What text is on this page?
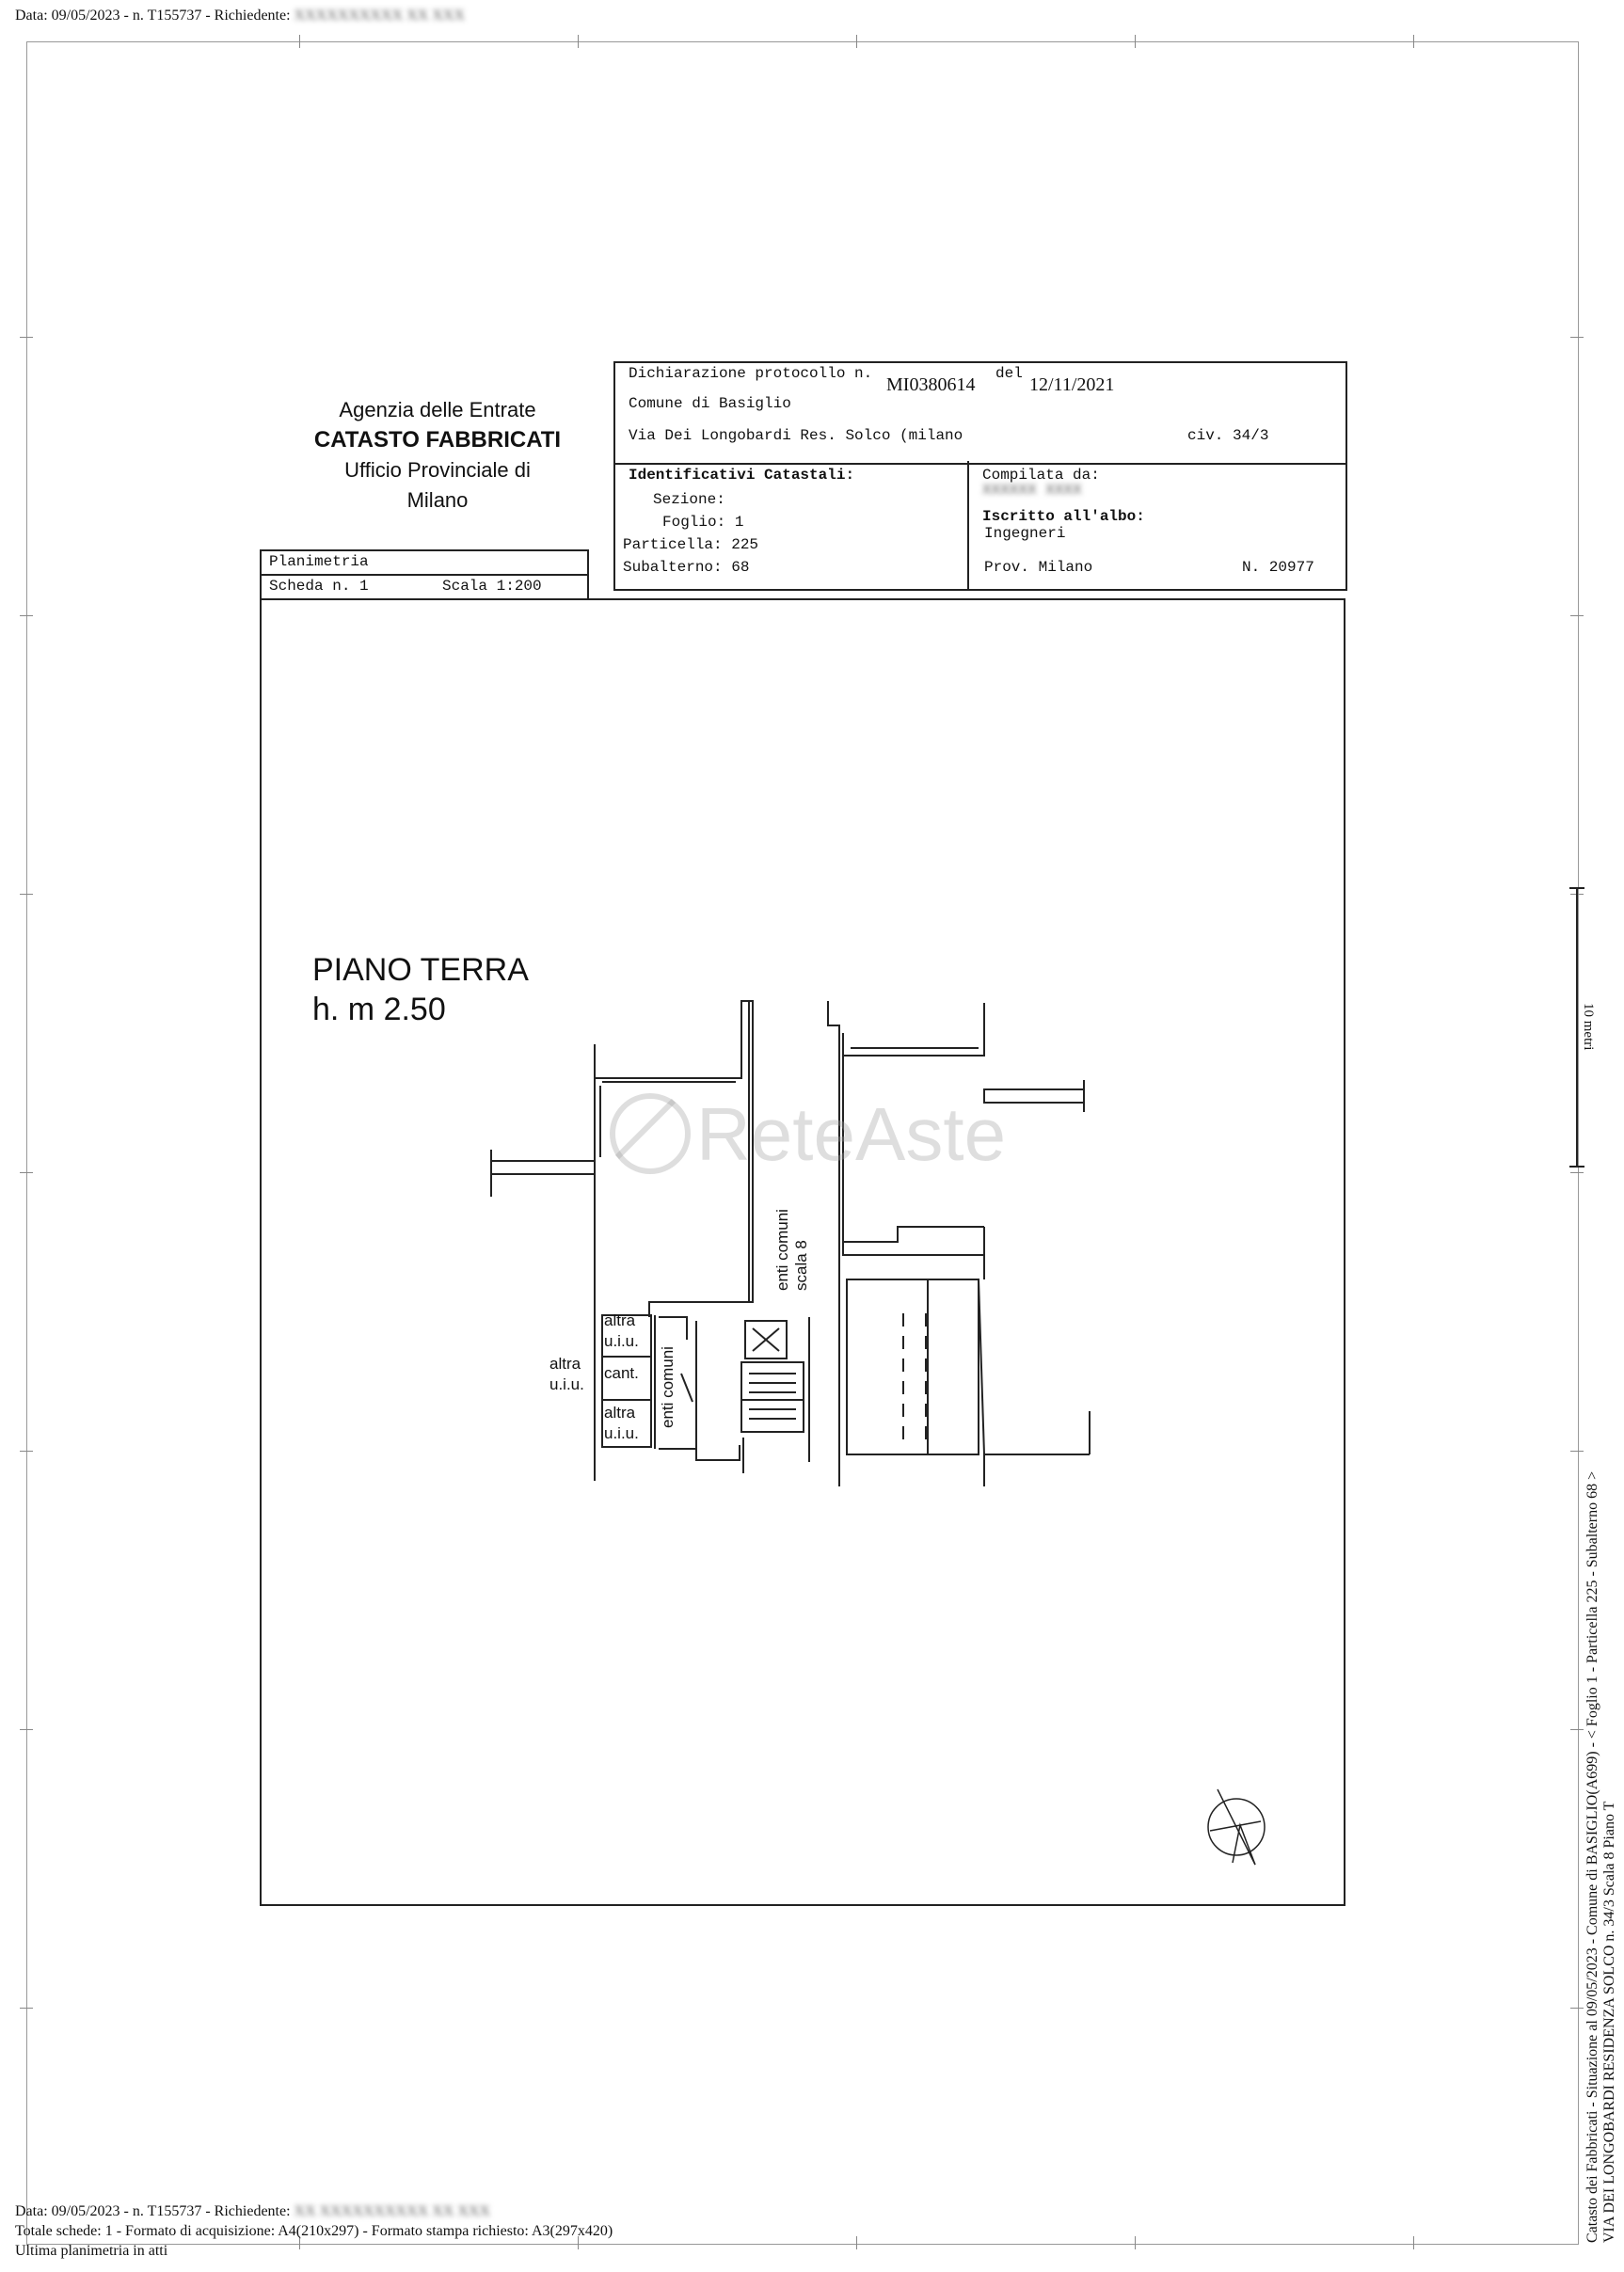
Data: 09/05/2023 - n. T155737 - Richiedente: XXXXXXXXXX XX XXX
Agenzia delle Entrate
CATASTO FABBRICATI
Ufficio Provinciale di
Milano
Dichiarazione protocollo n.
MI0380614
del
12/11/2021
Comune di Basiglio
Via Dei Longobardi Res. Solco (milano	civ. 34/3
Identificativi Catastali:
Sezione:
Foglio: 1
Particella: 225
Subalterno: 68
Compilata da:
XXXXXX XXXX
Iscritto all'albo:
Ingegneri
Prov. Milano	N. 20977
Planimetria
Scheda n. 1	Scala 1:200
PIANO TERRA
h. m 2.50
ReteAste
enti comuni scala 8
enti comuni
altra
u.i.u.
cant.
altra
u.i.u.
altra
u.i.u.
10 metri
Catasto dei Fabbricati - Situazione al 09/05/2023 - Comune di BASIGLIO(A699) - < Foglio 1 - Particella 225 - Subalterno 68 > VIA DEI LONGOBARDI RESIDENZA SOLCO n. 34/3 Scala 8 Piano T
Data: 09/05/2023 - n. T155737 - Richiedente: XX XXXXXXXXXX XX XXX
Totale schede: 1 - Formato di acquisizione: A4(210x297) - Formato stampa richiesto: A3(297x420)
Ultima planimetria in atti
